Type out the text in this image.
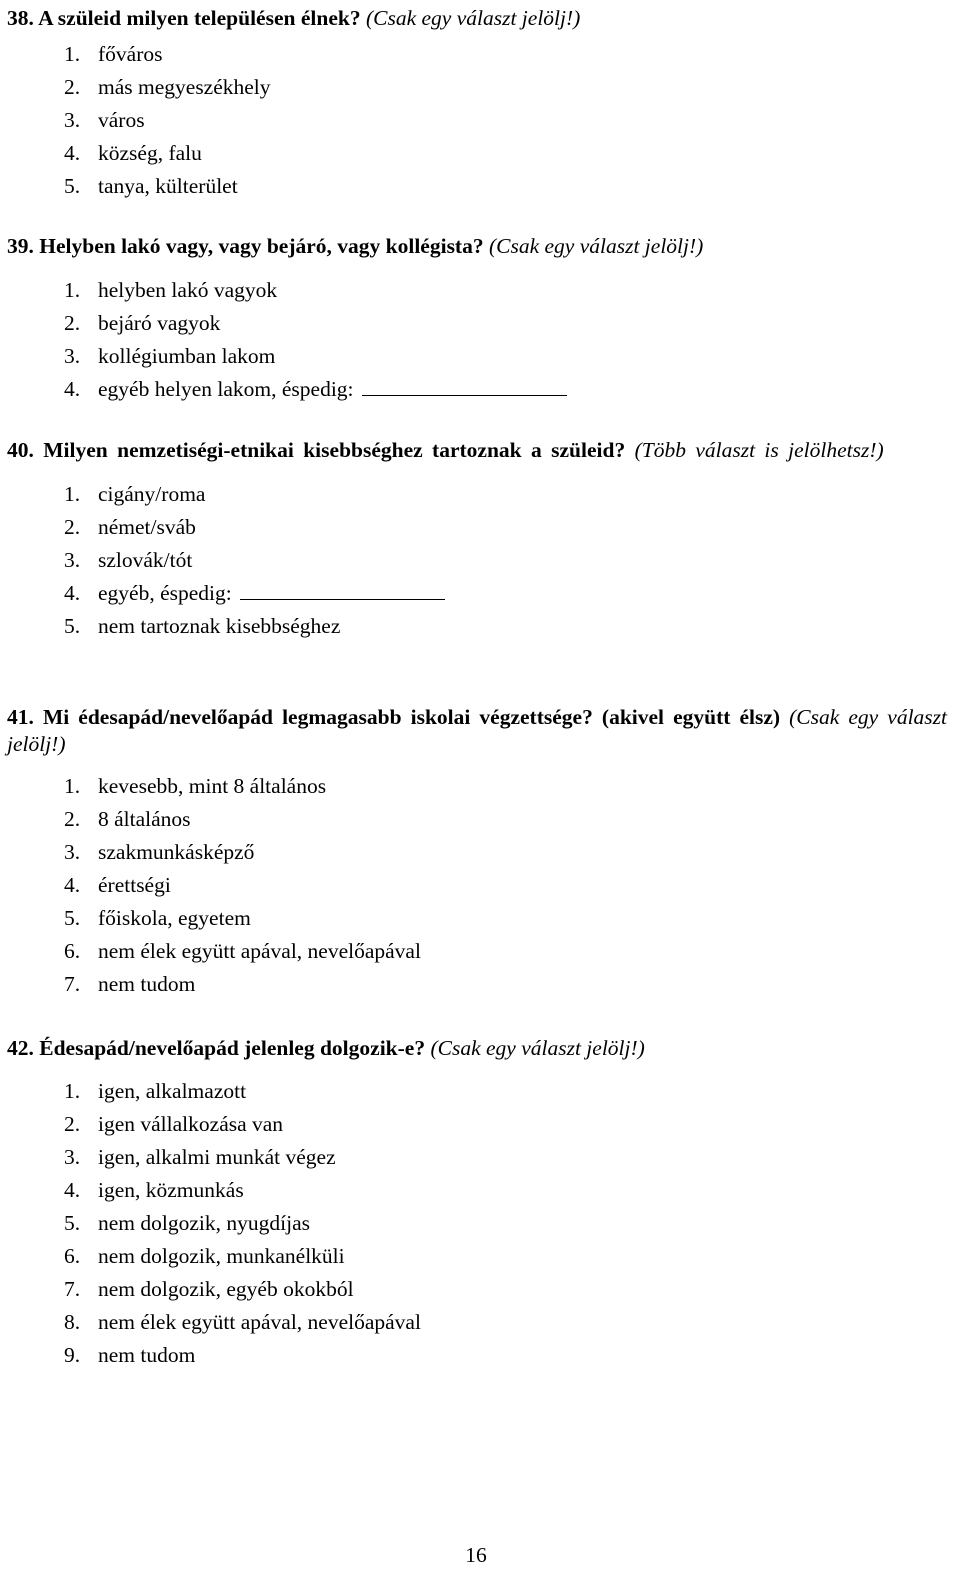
38. A szüleid milyen településen élnek? (Csak egy választ jelölj!)

1. főváros
2. más megyeszékhely
3. város
4. község, falu
5. tanya, külterület

39. Helyben lakó vagy, vagy bejáró, vagy kollégista? (Csak egy választ jelölj!)

1. helyben lakó vagyok
2. bejáró vagyok
3. kollégiumban lakom
4. egyéb helyen lakom, éspedig:

40. Milyen nemzetiségi-etnikai kisebbséghez tartoznak a szüleid? (Több választ is jelölhetsz!)

1. cigány/roma
2. német/sváb
3. szlovák/tót
4. egyéb, éspedig:
5. nem tartoznak kisebbséghez

41. Mi édesapád/nevelőapád legmagasabb iskolai végzettsége? (akivel együtt élsz) (Csak egy választ jelölj!)

1. kevesebb, mint 8 általános
2. 8 általános
3. szakmunkásképző
4. érettségi
5. főiskola, egyetem
6. nem élek együtt apával, nevelőapával
7. nem tudom

42. Édesapád/nevelőapád jelenleg dolgozik-e? (Csak egy választ jelölj!)

1. igen, alkalmazott
2. igen vállalkozása van
3. igen, alkalmi munkát végez
4. igen, közmunkás
5. nem dolgozik, nyugdíjas
6. nem dolgozik, munkanélküli
7. nem dolgozik, egyéb okokból
8. nem élek együtt apával, nevelőapával
9. nem tudom
16
